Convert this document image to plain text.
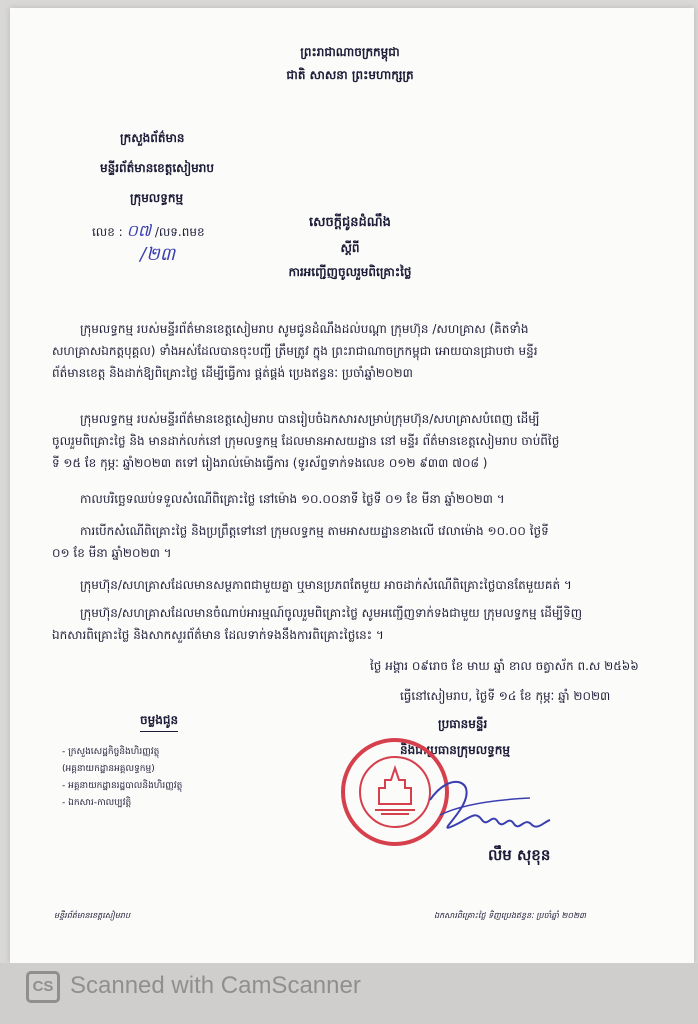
ព្រះរាជាណាចក្រកម្ពុជា
ជាតិ សាសនា ព្រះមហាក្សត្រ
ក្រសួងព័ត៌មាន
មន្ទីរព័ត៌មានខេត្តសៀមរាប
ក្រុមលទ្ធកម្ម
លេខ : ០៧ /លទ.ពមខ
/២៣
សេចក្ដីជូនដំណឹង
ស្ដីពី
ការអញ្ជើញចូលរួមពិគ្រោះថ្លៃ

ក្រុមលទ្ធកម្ម របស់មន្ទីរព័ត៌មានខេត្តសៀមរាប សូមជូនដំណឹងដល់បណ្ដា ក្រុមហ៊ុន /សហគ្រាស (គិតទាំង

សហគ្រាសឯកត្តបុគ្គល) ទាំងអស់ដែលបានចុះបញ្ជី ត្រឹមត្រូវ ក្នុង ព្រះរាជាណាចក្រកម្ពុជា អោយបានជ្រាបថា មន្ទីរ

ព័ត៌មានខេត្ត និងដាក់ឱ្យពិគ្រោះថ្លៃ ដើម្បីធ្វើការ ផ្គត់ផ្គង់ ប្រេងឥន្ធនៈ ប្រចាំឆ្នាំ២០២៣

ក្រុមលទ្ធកម្ម របស់មន្ទីរព័ត៌មានខេត្តសៀមរាប បានរៀបចំឯកសារសម្រាប់ក្រុមហ៊ុន/សហគ្រាសបំពេញ ដើម្បី

ចូលរួមពិគ្រោះថ្លៃ និង មានដាក់លក់នៅ ក្រុមលទ្ធកម្ម ដែលមានអាសយដ្ឋាន នៅ មន្ទីរ ព័ត៌មានខេត្តសៀមរាប ចាប់ពីថ្ងៃ

ទី ១៥ ខែ កុម្ភៈ ឆ្នាំ២០២៣ តទៅ រៀងរាល់ម៉ោងធ្វើការ (ទូរស័ព្ទទាក់ទងលេខ ០១២ ៩៣៣ ៧០៨ )

កាលបរិច្ឆេទឈប់ទទួលសំណើពិគ្រោះថ្លៃ នៅម៉ោង ១០.០០នាទី ថ្ងៃទី ០១ ខែ មីនា ឆ្នាំ២០២៣ ។

ការបើកសំណើពិគ្រោះថ្លៃ និងប្រព្រឹត្តទៅនៅ ក្រុមលទ្ធកម្ម តាមអាសយដ្ឋានខាងលើ វេលាម៉ោង ១០.០០ ថ្ងៃទី

០១ ខែ មីនា ឆ្នាំ២០២៣ ។

ក្រុមហ៊ុន/សហគ្រាសដែលមានសម្ថភាពជាមួយគ្នា ឬមានប្រភពតែមួយ អាចដាក់សំណើពិគ្រោះថ្លៃបានតែមួយគត់ ។

ក្រុមហ៊ុន/សហគ្រាសដែលមានចំណាប់អារម្មណ៍ចូលរួមពិគ្រោះថ្លៃ សូមអញ្ជើញទាក់ទងជាមួយ ក្រុមលទ្ធកម្ម ដើម្បីទិញ

ឯកសារពិគ្រោះថ្លៃ និងសាកសួរព័ត៌មាន ដែលទាក់ទងនឹងការពិគ្រោះថ្លៃនេះ ។

ថ្ងៃ អង្គារ ០៩រោច ខែ មាឃ ឆ្នាំ ខាល ចត្វាស័ក ព.ស ២៥៦៦
ធ្វើនៅសៀមរាប, ថ្ងៃទី ១៤ ខែ កុម្ភៈ ឆ្នាំ ២០២៣
ប្រធានមន្ទីរ
និងជាប្រធានក្រុមលទ្ធកម្ម
លឹម សុខុន
ចម្លងជូន
- ក្រសួងសេដ្ឋកិច្ចនិងហិរញ្ញវត្ថុ
(អគ្គនាយកដ្ឋានអគ្គលទ្ធកម្ម)
- អគ្គនាយកដ្ឋានរដ្ឋបាលនិងហិរញ្ញវត្ថុ
- ឯកសារ-កាលប្បវត្តិ
មន្ទីរព័ត៌មានខេត្តសៀមរាប	ឯកសារពិគ្រោះថ្លៃ ទិញប្រេងឥន្ធនៈ ប្រចាំឆ្នាំ ២០២៣
CS Scanned with CamScanner
